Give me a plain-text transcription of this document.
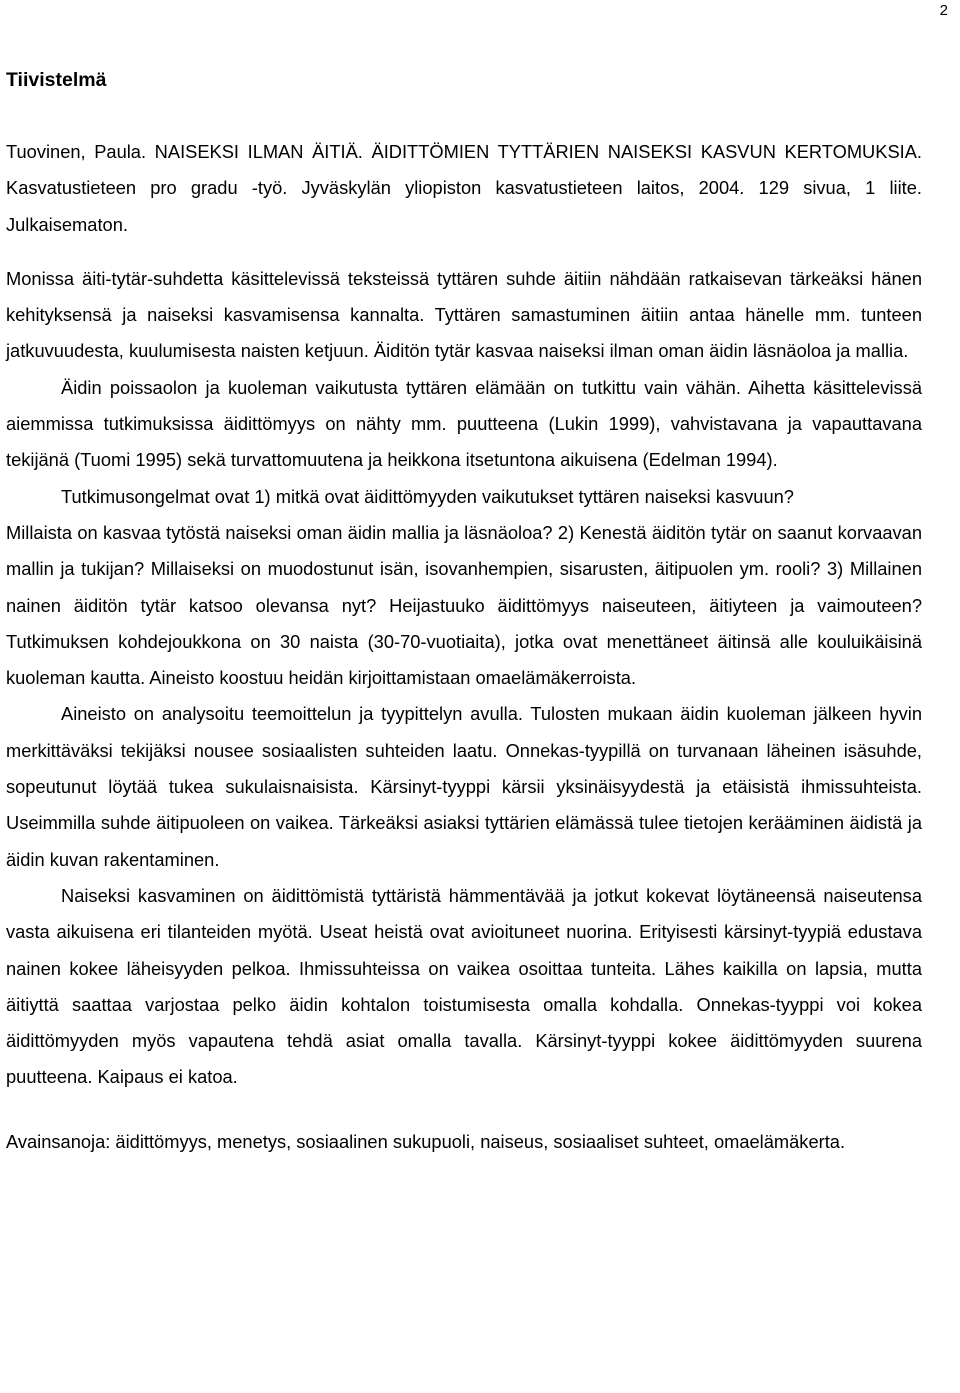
2
Tiivistelmä

Tuovinen, Paula. NAISEKSI ILMAN ÄITIÄ. ÄIDITTÖMIEN TYTTÄRIEN NAISEKSI KASVUN KERTOMUKSIA. Kasvatustieteen pro gradu -työ. Jyväskylän yliopiston kasvatustieteen laitos, 2004. 129 sivua, 1 liite. Julkaisematon.

Monissa äiti-tytär-suhdetta käsittelevissä teksteissä tyttären suhde äitiin nähdään ratkaisevan tärkeäksi hänen kehityksensä ja naiseksi kasvamisensa kannalta. Tyttären samastuminen äitiin antaa hänelle mm. tunteen jatkuvuudesta, kuulumisesta naisten ketjuun. Äiditön tytär kasvaa naiseksi ilman oman äidin läsnäoloa ja mallia.

Äidin poissaolon ja kuoleman vaikutusta tyttären elämään on tutkittu vain vähän. Aihetta käsittelevissä aiemmissa tutkimuksissa äidittömyys on nähty mm. puutteena (Lukin 1999), vahvistavana ja vapauttavana tekijänä (Tuomi 1995) sekä turvattomuutena ja heikkona itsetuntona aikuisena (Edelman 1994).

Tutkimusongelmat ovat 1) mitkä ovat äidittömyyden vaikutukset tyttären naiseksi kasvuun?

Millaista on kasvaa tytöstä naiseksi oman äidin mallia ja läsnäoloa? 2) Kenestä äiditön tytär on saanut korvaavan mallin ja tukijan? Millaiseksi on muodostunut isän, isovanhempien, sisarusten, äitipuolen ym. rooli? 3) Millainen nainen äiditön tytär katsoo olevansa nyt? Heijastuuko äidittömyys naiseuteen, äitiyteen ja vaimouteen? Tutkimuksen kohdejoukkona on 30 naista (30-70-vuotiaita), jotka ovat menettäneet äitinsä alle kouluikäisinä kuoleman kautta. Aineisto koostuu heidän kirjoittamistaan omaelämäkerroista.

Aineisto on analysoitu teemoittelun ja tyypittelyn avulla. Tulosten mukaan äidin kuoleman jälkeen hyvin merkittäväksi tekijäksi nousee sosiaalisten suhteiden laatu. Onnekas-tyypillä on turvanaan läheinen isäsuhde, sopeutunut löytää tukea sukulaisnaisista. Kärsinyt-tyyppi kärsii yksinäisyydestä ja etäisistä ihmissuhteista. Useimmilla suhde äitipuoleen on vaikea. Tärkeäksi asiaksi tyttärien elämässä tulee tietojen kerääminen äidistä ja äidin kuvan rakentaminen.

Naiseksi kasvaminen on äidittömistä tyttäristä hämmentävää ja jotkut kokevat löytäneensä naiseutensa vasta aikuisena eri tilanteiden myötä. Useat heistä ovat avioituneet nuorina. Erityisesti kärsinyt-tyypiä edustava nainen kokee läheisyyden pelkoa. Ihmissuhteissa on vaikea osoittaa tunteita. Lähes kaikilla on lapsia, mutta äitiyttä saattaa varjostaa pelko äidin kohtalon toistumisesta omalla kohdalla. Onnekas-tyyppi voi kokea äidittömyyden myös vapautena tehdä asiat omalla tavalla. Kärsinyt-tyyppi kokee äidittömyyden suurena puutteena. Kaipaus ei katoa.

Avainsanoja: äidittömyys, menetys, sosiaalinen sukupuoli, naiseus, sosiaaliset suhteet, omaelämäkerta.
